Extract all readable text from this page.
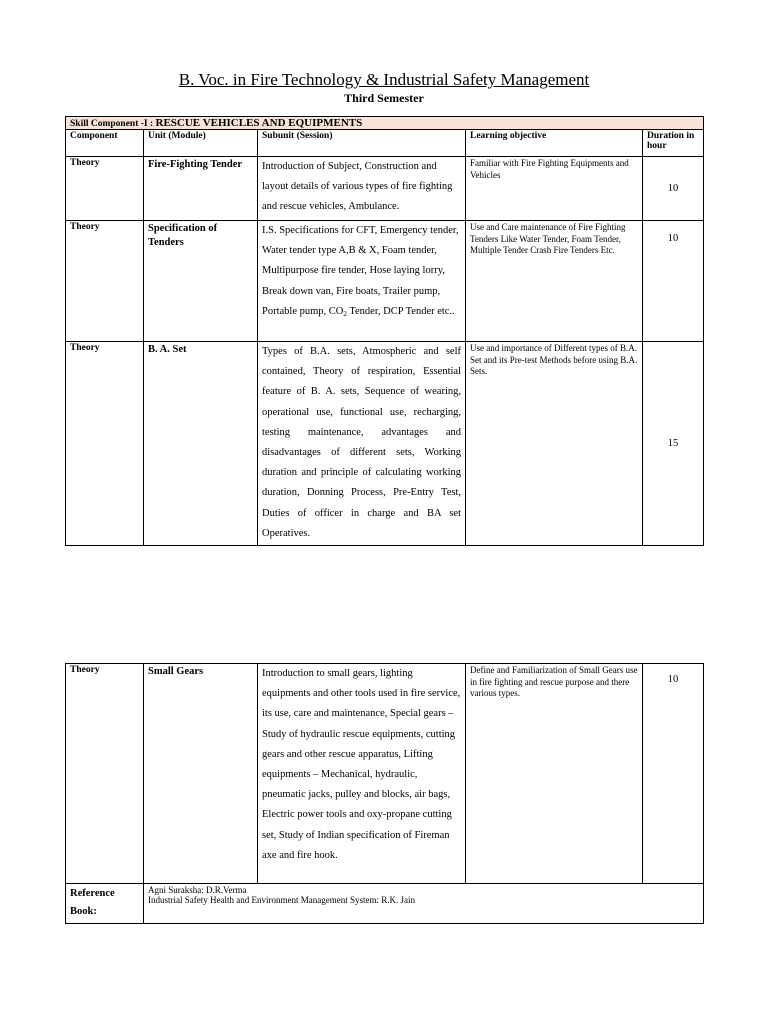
B. Voc. in Fire Technology & Industrial Safety Management
Third Semester
Skill Component -I : RESCUE VEHICLES AND EQUIPMENTS				
Component	Unit (Module)	Subunit (Session)	Learning objective	Duration in hour
Theory	Fire-Fighting Tender	Introduction of Subject, Construction and layout details of various types of fire fighting and rescue vehicles, Ambulance.	Familiar with Fire Fighting Equipments and Vehicles	10
Theory	Specification of Tenders	I.S. Specifications for CFT, Emergency tender, Water tender type A,B & X, Foam tender, Multipurpose fire tender, Hose laying lorry, Break down van, Fire boats, Trailer pump, Portable pump, $CO_2$ Tender, DCP Tender etc..	Use and Care maintenance of Fire Fighting Tenders Like Water Tender, Foam Tender, Multiple Tender Crash Fire Tenders Etc.	10
Theory	B. A. Set	Types of B.A. sets, Atmospheric and self contained, Theory of respiration, Essential feature of B. A. sets, Sequence of wearing, operational use, functional use, recharging, testing maintenance, advantages and disadvantages of different sets, Working duration and principle of calculating working duration, Donning Process, Pre-Entry Test, Duties of officer in charge and BA set Operatives.	Use and importance of Different types of B.A. Set and its Pre-test Methods before using B.A. Sets.	15
Theory	Small Gears	Introduction to small gears, lighting equipments and other tools used in fire service, its use, care and maintenance, Special gears – Study of hydraulic rescue equipments, cutting gears and other rescue apparatus, Lifting equipments – Mechanical, hydraulic, pneumatic jacks, pulley and blocks, air bags, Electric power tools and oxy-propane cutting set, Study of Indian specification of Fireman axe and fire hook.	Define and Familiarization of Small Gears use in fire fighting and rescue purpose and there various types.	10
Reference Book:	Agni Suraksha: D.R.Verma
Industrial Safety Health and Environment Management System: R.K. Jain			
